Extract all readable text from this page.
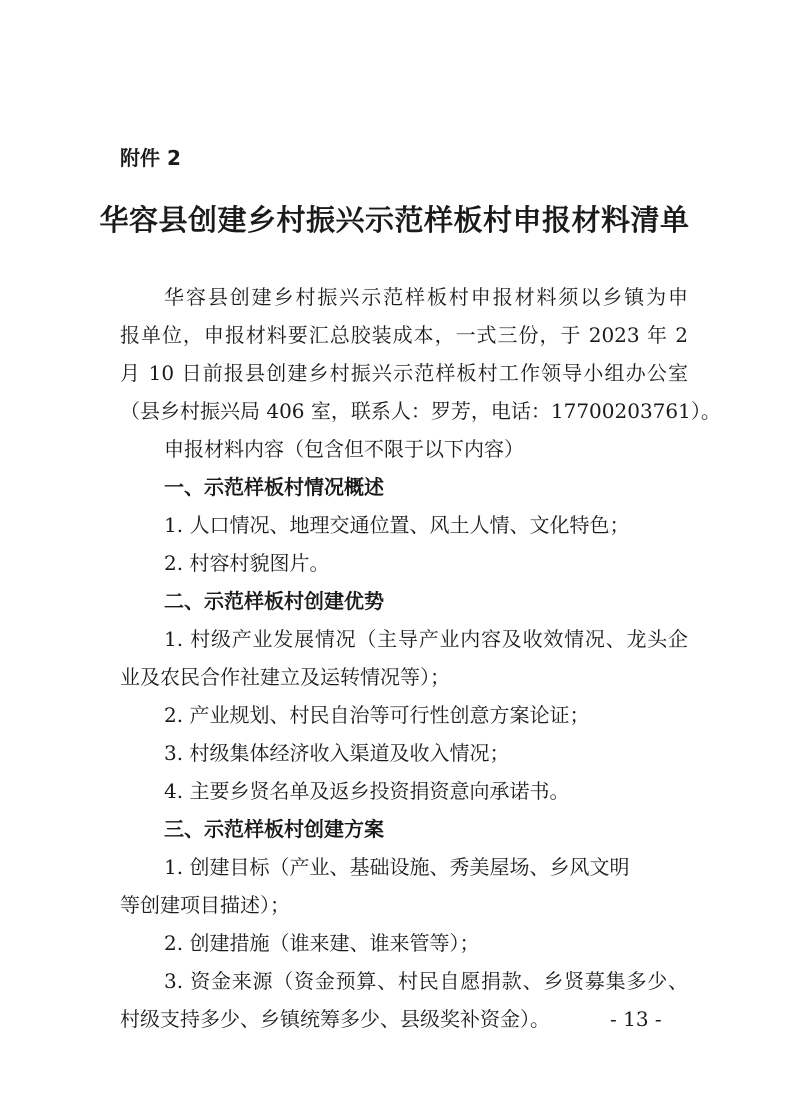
附件 2
华容县创建乡村振兴示范样板村申报材料清单
华容县创建乡村振兴示范样板村申报材料须以乡镇为申
报单位，申报材料要汇总胶装成本，一式三份，于 2023 年 2
月 10 日前报县创建乡村振兴示范样板村工作领导小组办公室
（县乡村振兴局 406 室，联系人：罗芳，电话：17700203761）。
申报材料内容（包含但不限于以下内容）
一、示范样板村情况概述
1. 人口情况、地理交通位置、风土人情、文化特色；
2. 村容村貌图片。
二、示范样板村创建优势
1. 村级产业发展情况（主导产业内容及收效情况、龙头企
业及农民合作社建立及运转情况等）；
2. 产业规划、村民自治等可行性创意方案论证；
3. 村级集体经济收入渠道及收入情况；
4. 主要乡贤名单及返乡投资捐资意向承诺书。
三、示范样板村创建方案
1. 创建目标（产业、基础设施、秀美屋场、乡风文明
等创建项目描述）；
2. 创建措施（谁来建、谁来管等）；
3. 资金来源（资金预算、村民自愿捐款、乡贤募集多少、
村级支持多少、乡镇统筹多少、县级奖补资金）。	- 13 -
